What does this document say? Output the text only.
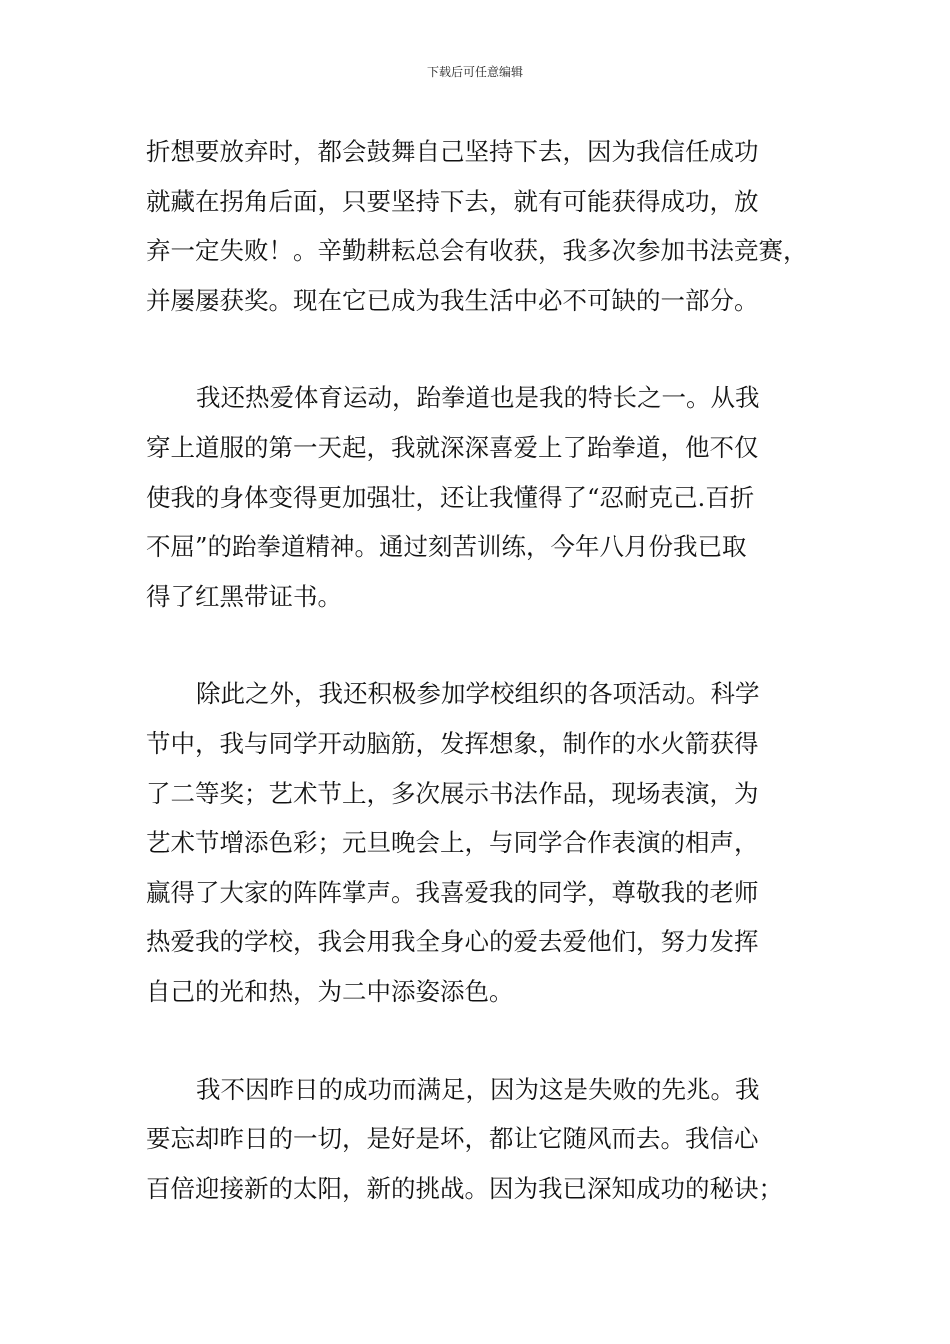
下载后可任意编辑

折想要放弃时，都会鼓舞自己坚持下去，因为我信任成功

就藏在拐角后面，只要坚持下去，就有可能获得成功，放

弃一定失败！。辛勤耕耘总会有收获，我多次参加书法竞赛，

并屡屡获奖。现在它已成为我生活中必不可缺的一部分。

我还热爱体育运动，跆拳道也是我的特长之一。从我

穿上道服的第一天起，我就深深喜爱上了跆拳道，他不仅

使我的身体变得更加强壮，还让我懂得了“忍耐克己.百折

不屈”的跆拳道精神。通过刻苦训练，今年八月份我已取

得了红黑带证书。

除此之外，我还积极参加学校组织的各项活动。科学

节中，我与同学开动脑筋，发挥想象，制作的水火箭获得

了二等奖；艺术节上，多次展示书法作品，现场表演，为

艺术节增添色彩；元旦晚会上，与同学合作表演的相声，

赢得了大家的阵阵掌声。我喜爱我的同学，尊敬我的老师

热爱我的学校，我会用我全身心的爱去爱他们，努力发挥

自己的光和热，为二中添姿添色。

我不因昨日的成功而满足，因为这是失败的先兆。我

要忘却昨日的一切，是好是坏，都让它随风而去。我信心

百倍迎接新的太阳，新的挑战。因为我已深知成功的秘诀；
